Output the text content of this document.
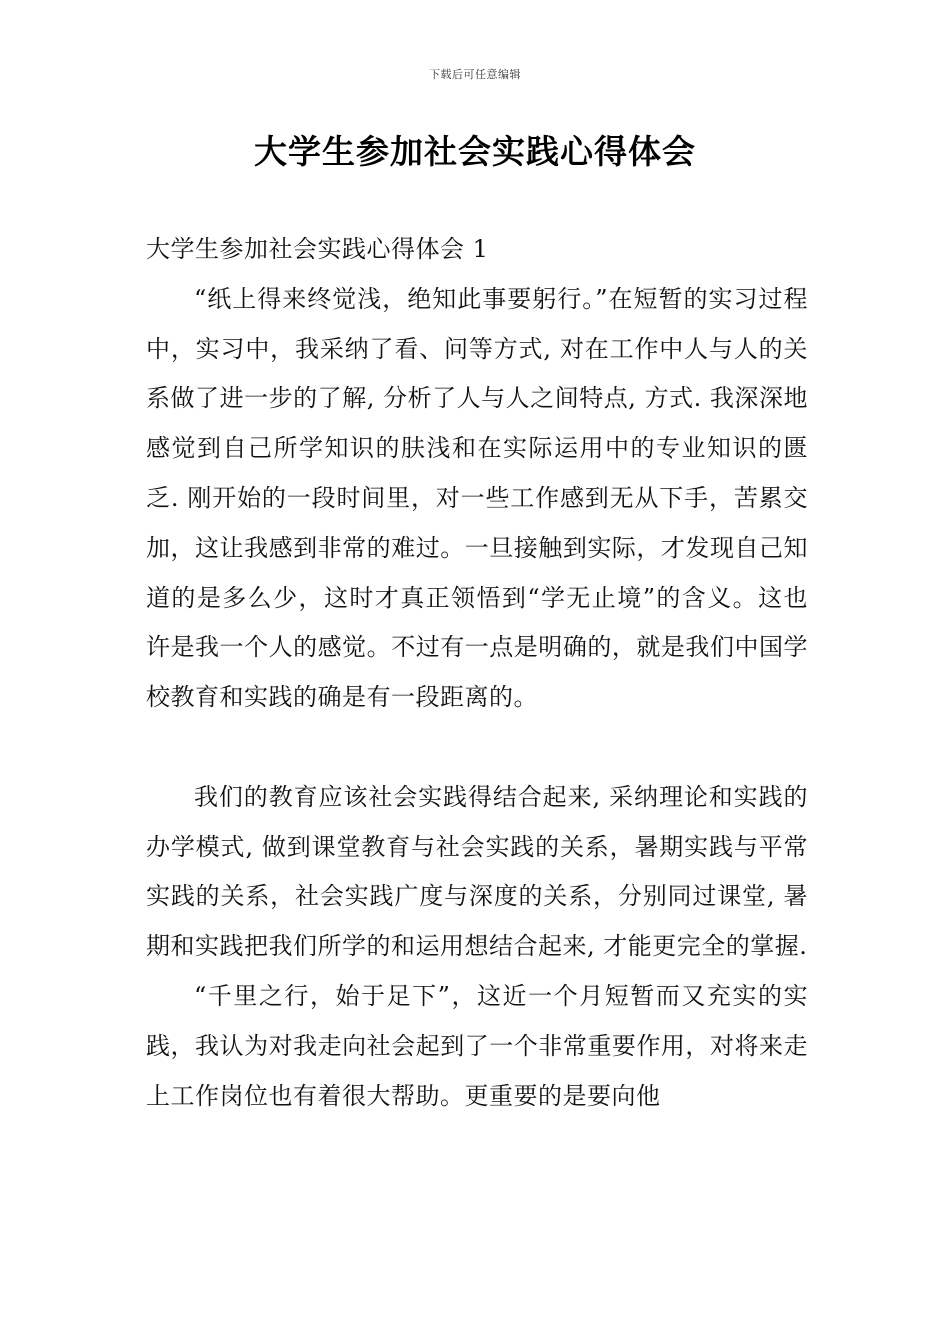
下载后可任意编辑
大学生参加社会实践心得体会

大学生参加社会实践心得体会 1

“纸上得来终觉浅，绝知此事要躬行。”在短暂的实习过程中，实习中，我采纳了看、问等方式, 对在工作中人与人的关系做了进一步的了解, 分析了人与人之间特点, 方式. 我深深地感觉到自己所学知识的肤浅和在实际运用中的专业知识的匮乏. 刚开始的一段时间里，对一些工作感到无从下手，苦累交加，这让我感到非常的难过。一旦接触到实际，才发现自己知道的是多么少，这时才真正领悟到“学无止境”的含义。这也许是我一个人的感觉。不过有一点是明确的，就是我们中国学校教育和实践的确是有一段距离的。

我们的教育应该社会实践得结合起来, 采纳理论和实践的办学模式, 做到课堂教育与社会实践的关系，暑期实践与平常实践的关系，社会实践广度与深度的关系，分别同过课堂, 暑期和实践把我们所学的和运用想结合起来, 才能更完全的掌握.

“千里之行，始于足下”，这近一个月短暂而又充实的实践，我认为对我走向社会起到了一个非常重要作用，对将来走上工作岗位也有着很大帮助。更重要的是要向他
